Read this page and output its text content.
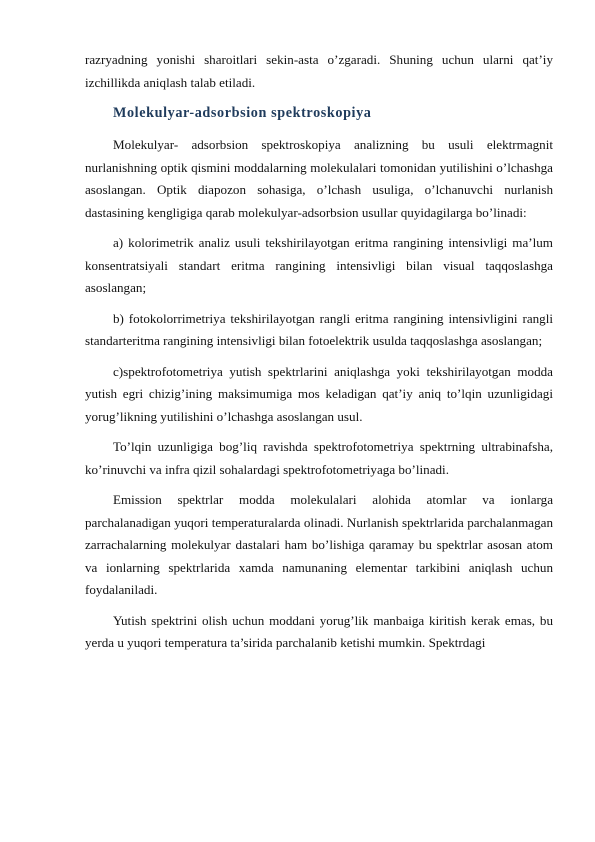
razryadning yonishi sharoitlari sekin-asta o’zgaradi. Shuning uchun ularni qat’iy izchillikda aniqlash talab etiladi.

Molekulyar-adsorbsion spektroskopiya

Molekulyar- adsorbsion spektroskopiya analizning bu usuli elektrmagnit nurlanishning optik qismini moddalarning molekulalari tomonidan yutilishini o’lchashga asoslangan. Optik diapozon sohasiga, o’lchash usuliga, o’lchanuvchi nurlanish dastasining kengligiga qarab molekulyar-adsorbsion usullar quyidagilarga bo’linadi:

a) kolorimetrik analiz usuli tekshirilayotgan eritma rangining intensivligi ma’lum konsentratsiyali standart eritma rangining intensivligi bilan visual taqqoslashga asoslangan;

b) fotokolorrimetriya tekshirilayotgan rangli eritma rangining intensivligini rangli standarteritma rangining intensivligi bilan fotoelektrik usulda taqqoslashga asoslangan;

c)spektrofotometriya yutish spektrlarini aniqlashga yoki tekshirilayotgan modda yutish egri chizig’ining maksimumiga mos keladigan qat’iy aniq to’lqin uzunligidagi yorug’likning yutilishini o’lchashga asoslangan usul.

To’lqin uzunligiga bog’liq ravishda spektrofotometriya spektrning ultrabinafsha, ko’rinuvchi va infra qizil sohalardagi spektrofotometriyaga bo’linadi.

Emission spektrlar modda molekulalari alohida atomlar va ionlarga parchalanadigan yuqori temperaturalarda olinadi. Nurlanish spektrlarida parchalanmagan zarrachalarning molekulyar dastalari ham bo’lishiga qaramay bu spektrlar asosan atom va ionlarning spektrlarida xamda namunaning elementar tarkibini aniqlash uchun foydalaniladi.

Yutish spektrini olish uchun moddani yorug’lik manbaiga kiritish kerak emas, bu yerda u yuqori temperatura ta’sirida parchalanib ketishi mumkin. Spektrdagi
